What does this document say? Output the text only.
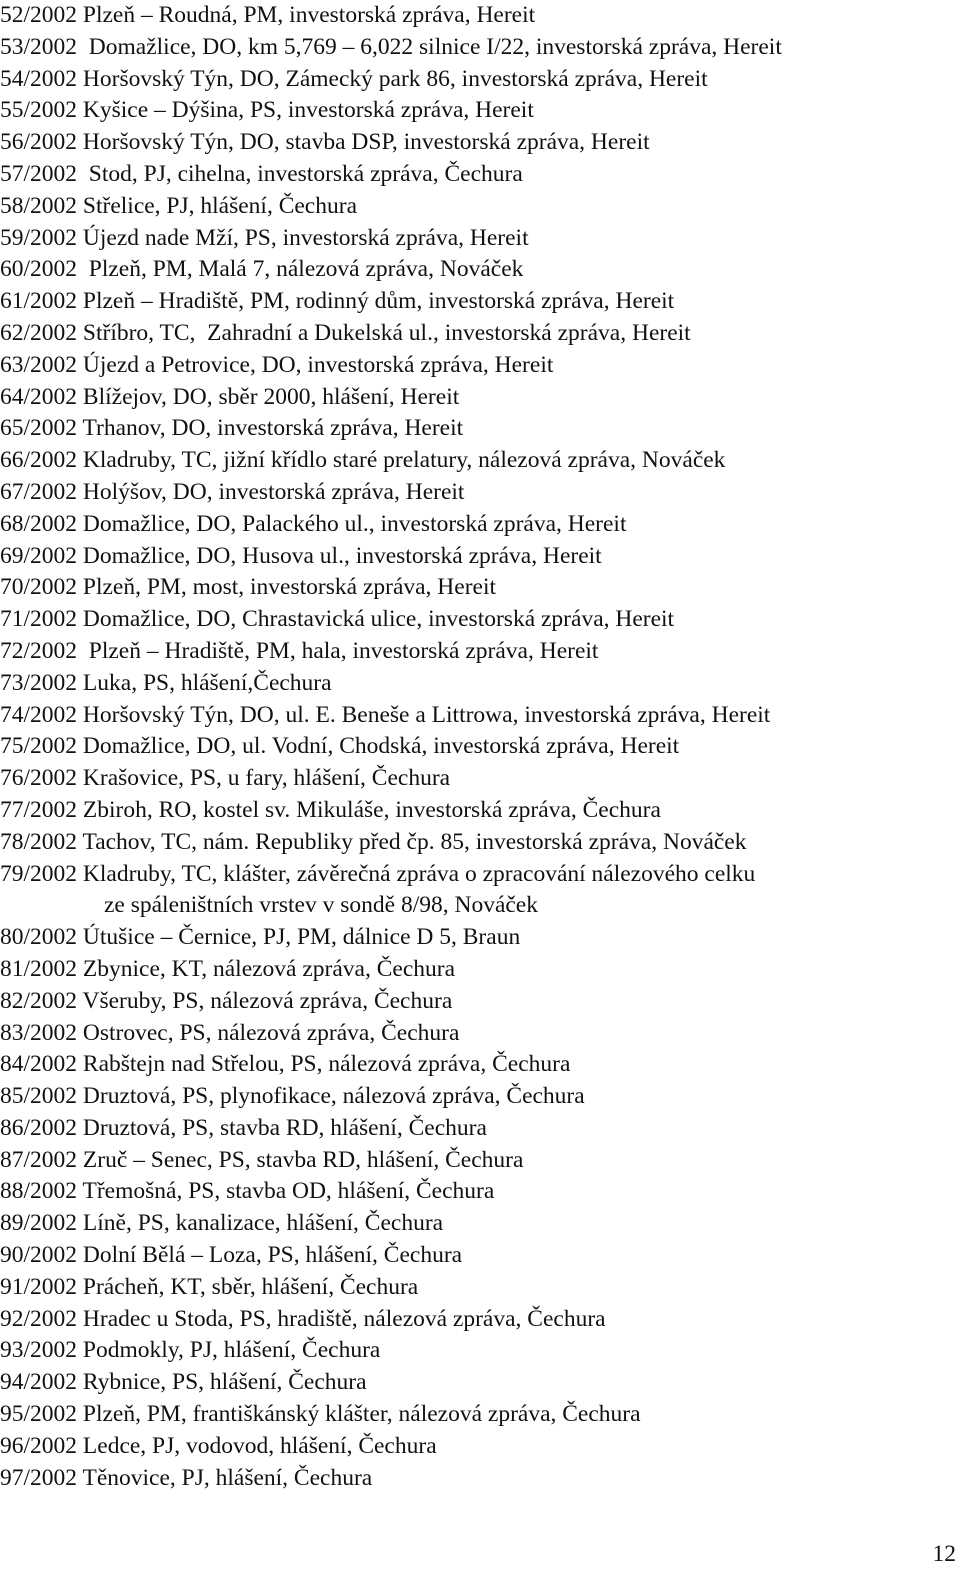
52/2002 Plzeň – Roudná, PM, investorská zpráva, Hereit
53/2002  Domažlice, DO, km 5,769 – 6,022 silnice I/22, investorská zpráva, Hereit
54/2002 Horšovský Týn, DO, Zámecký park 86, investorská zpráva, Hereit
55/2002 Kyšice – Dýšina, PS, investorská zpráva, Hereit
56/2002 Horšovský Týn, DO, stavba DSP, investorská zpráva, Hereit
57/2002  Stod, PJ, cihelna, investorská zpráva, Čechura
58/2002 Střelice, PJ, hlášení, Čechura
59/2002 Újezd nade Mží, PS, investorská zpráva, Hereit
60/2002  Plzeň, PM, Malá 7, nálezová zpráva, Nováček
61/2002 Plzeň – Hradiště, PM, rodinný dům, investorská zpráva, Hereit
62/2002 Stříbro, TC,  Zahradní a Dukelská ul., investorská zpráva, Hereit
63/2002 Újezd a Petrovice, DO, investorská zpráva, Hereit
64/2002 Blížejov, DO, sběr 2000, hlášení, Hereit
65/2002 Trhanov, DO, investorská zpráva, Hereit
66/2002 Kladruby, TC, jižní křídlo staré prelatury, nálezová zpráva, Nováček
67/2002 Holýšov, DO, investorská zpráva, Hereit
68/2002 Domažlice, DO, Palackého ul., investorská zpráva, Hereit
69/2002 Domažlice, DO, Husova ul., investorská zpráva, Hereit
70/2002 Plzeň, PM, most, investorská zpráva, Hereit
71/2002 Domažlice, DO, Chrastavická ulice, investorská zpráva, Hereit
72/2002  Plzeň – Hradiště, PM, hala, investorská zpráva, Hereit
73/2002 Luka, PS, hlášení,Čechura
74/2002 Horšovský Týn, DO, ul. E. Beneše a Littrowa, investorská zpráva, Hereit
75/2002 Domažlice, DO, ul. Vodní, Chodská, investorská zpráva, Hereit
76/2002 Krašovice, PS, u fary, hlášení, Čechura
77/2002 Zbiroh, RO, kostel sv. Mikuláše, investorská zpráva, Čechura
78/2002 Tachov, TC, nám. Republiky před čp. 85, investorská zpráva, Nováček
79/2002 Kladruby, TC, klášter, závěrečná zpráva o zpracování nálezového celku
ze spáleništních vrstev v sondě 8/98, Nováček
80/2002 Útušice – Černice, PJ, PM, dálnice D 5, Braun
81/2002 Zbynice, KT, nálezová zpráva, Čechura
82/2002 Všeruby, PS, nálezová zpráva, Čechura
83/2002 Ostrovec, PS, nálezová zpráva, Čechura
84/2002 Rabštejn nad Střelou, PS, nálezová zpráva, Čechura
85/2002 Druztová, PS, plynofikace, nálezová zpráva, Čechura
86/2002 Druztová, PS, stavba RD, hlášení, Čechura
87/2002 Zruč – Senec, PS, stavba RD, hlášení, Čechura
88/2002 Třemošná, PS, stavba OD, hlášení, Čechura
89/2002 Líně, PS, kanalizace, hlášení, Čechura
90/2002 Dolní Bělá – Loza, PS, hlášení, Čechura
91/2002 Prácheň, KT, sběr, hlášení, Čechura
92/2002 Hradec u Stoda, PS, hradiště, nálezová zpráva, Čechura
93/2002 Podmokly, PJ, hlášení, Čechura
94/2002 Rybnice, PS, hlášení, Čechura
95/2002 Plzeň, PM, františkánský klášter, nálezová zpráva, Čechura
96/2002 Ledce, PJ, vodovod, hlášení, Čechura
97/2002 Těnovice, PJ, hlášení, Čechura
12
